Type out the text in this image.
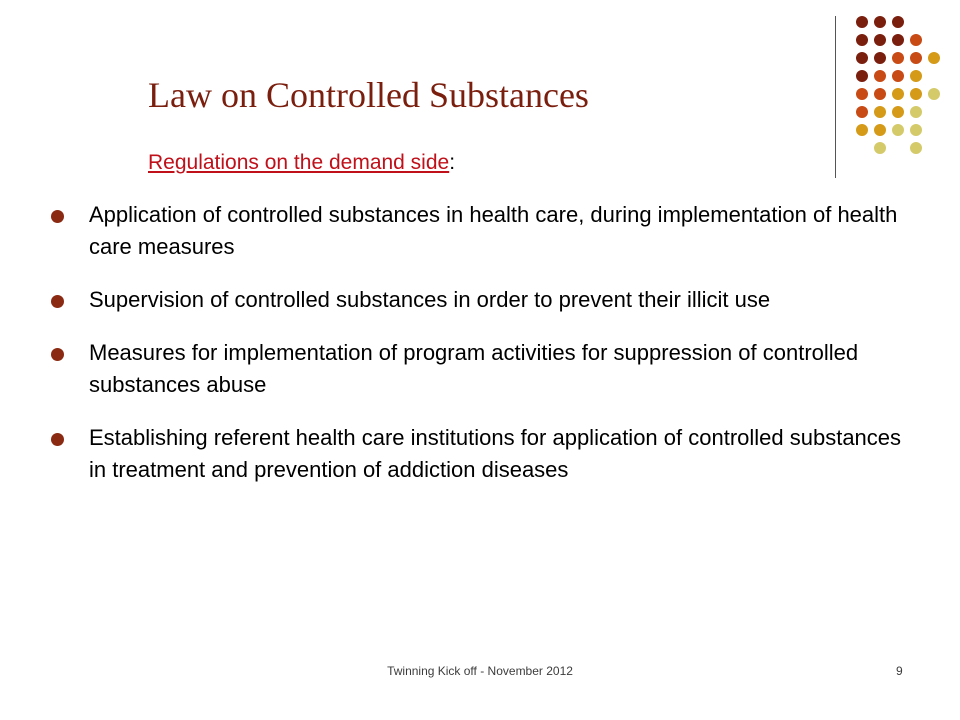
Law on Controlled Substances
Regulations on the demand side:
Application of controlled substances in health care, during implementation of health care measures
Supervision of controlled substances in order to prevent their illicit use
Measures for implementation of program activities for suppression of controlled substances abuse
Establishing referent health care institutions for application of controlled substances in treatment and prevention of addiction diseases
Twinning Kick off - November 2012	9
